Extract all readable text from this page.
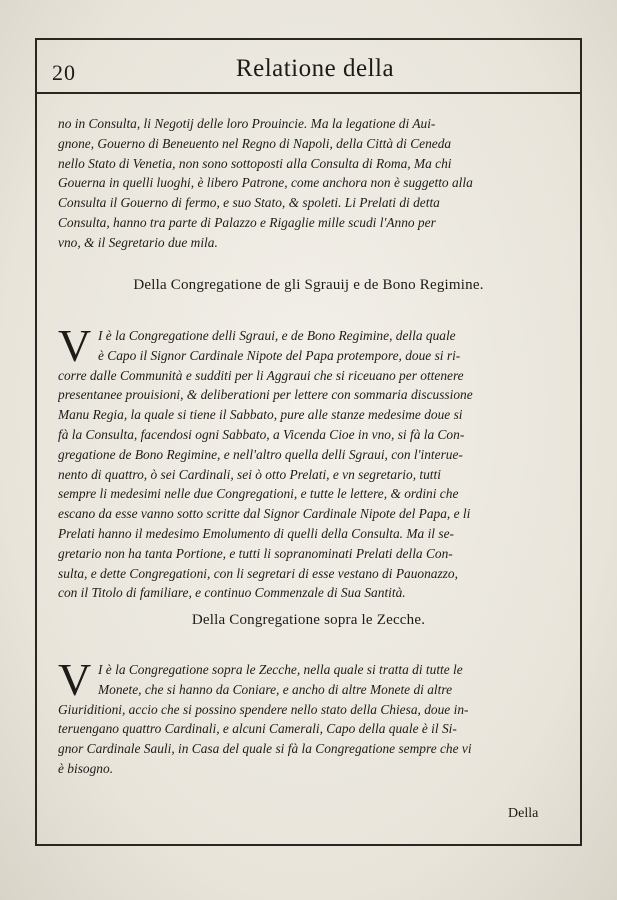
20	Relatione della
no in Consulta, li Negotij delle loro Prouincie. Ma la legatione di Aui-
gnone, Gouerno di Beneuento nel Regno di Napoli, della Città di Ceneda
nello Stato di Venetia, non sono sottoposti alla Consulta di Roma, Ma chi
Gouerna in quelli luoghi, è libero Patrone, come anchora non è suggetto alla
Consulta il Gouerno di fermo, e suo Stato, & spoleti. Li Prelati di detta
Consulta, hanno tra parte di Palazzo e Rigaglie mille scudi l'Anno per
vno, & il Segretario due mila.
Della Congregatione de gli Sgrauij e de Bono Regimine.
V I è la Congregatione delli Sgraui, e de Bono Regimine, della quale
è Capo il Signor Cardinale Nipote del Papa protempore, doue si ri-
corre dalle Communità e sudditi per li Aggraui che si riceuano per ottenere
presentanee prouisioni, & deliberationi per lettere con sommaria discussione
Manu Regia, la quale si tiene il Sabbato, pure alle stanze medesime doue si
fà la Consulta, facendosi ogni Sabbato, a Vicenda Cioe in vno, si fà la Con-
gregatione de Bono Regimine, e nell'altro quella delli Sgraui, con l'interue-
nento di quattro, ò sei Cardinali, sei ò otto Prelati, e vn segretario, tutti
sempre li medesimi nelle due Congregationi, e tutte le lettere, & ordini che
escano da esse vanno sotto scritte dal Signor Cardinale Nipote del Papa, e li
Prelati hanno il medesimo Emolumento di quelli della Consulta. Ma il se-
gretario non ha tanta Portione, e tutti li sopranominati Prelati della Con-
sulta, e dette Congregationi, con li segretari di esse vestano di Pauonazzo,
con il Titolo di familiare, e continuo Commenzale di Sua Santità.
Della Congregatione sopra le Zecche.
V I è la Congregatione sopra le Zecche, nella quale si tratta di tutte le
Monete, che si hanno da Coniare, e ancho di altre Monete di altre
Giuriditioni, accio che si possino spendere nello stato della Chiesa, doue in-
teruengano quattro Cardinali, e alcuni Camerali, Capo della quale è il Si-
gnor Cardinale Sauli, in Casa del quale si fà la Congregatione sempre che vi
è bisogno.
Della
